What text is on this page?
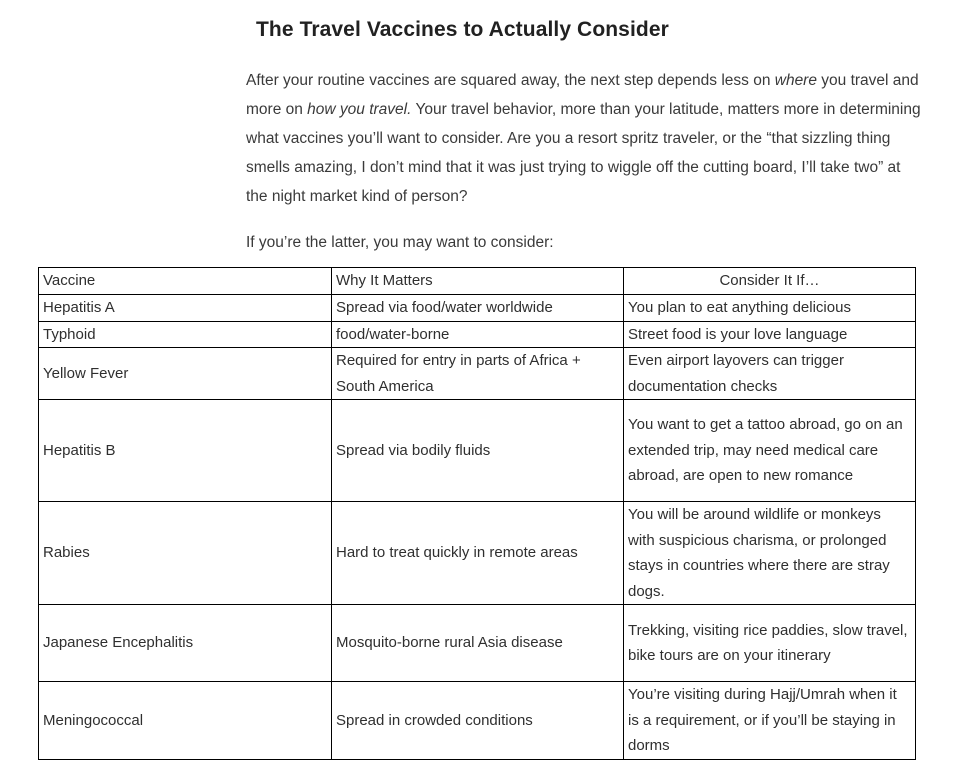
The Travel Vaccines to Actually Consider

After your routine vaccines are squared away, the next step depends less on where you travel and more on how you travel. Your travel behavior, more than your latitude, matters more in determining what vaccines you’ll want to consider. Are you a resort spritz traveler, or the “that sizzling thing smells amazing, I don’t mind that it was just trying to wiggle off the cutting board, I’ll take two” at the night market kind of person?

If you’re the latter, you may want to consider:

Vaccine	Why It Matters	Consider It If…
Hepatitis A	Spread via food/water worldwide	You plan to eat anything delicious
Typhoid	food/water-borne	Street food is your love language
Yellow Fever	Required for entry in parts of Africa + South America	Even airport layovers can trigger documentation checks
Hepatitis B	Spread via bodily fluids	You want to get a tattoo abroad, go on an extended trip, may need medical care abroad, are open to new romance
Rabies	Hard to treat quickly in remote areas	You will be around wildlife or monkeys with suspicious charisma, or prolonged stays in countries where there are stray dogs.
Japanese Encephalitis	Mosquito-borne rural Asia disease	Trekking, visiting rice paddies, slow travel, bike tours are on your itinerary
Meningococcal	Spread in crowded conditions	You’re visiting during Hajj/Umrah when it is a requirement, or if you’ll be staying in dorms
